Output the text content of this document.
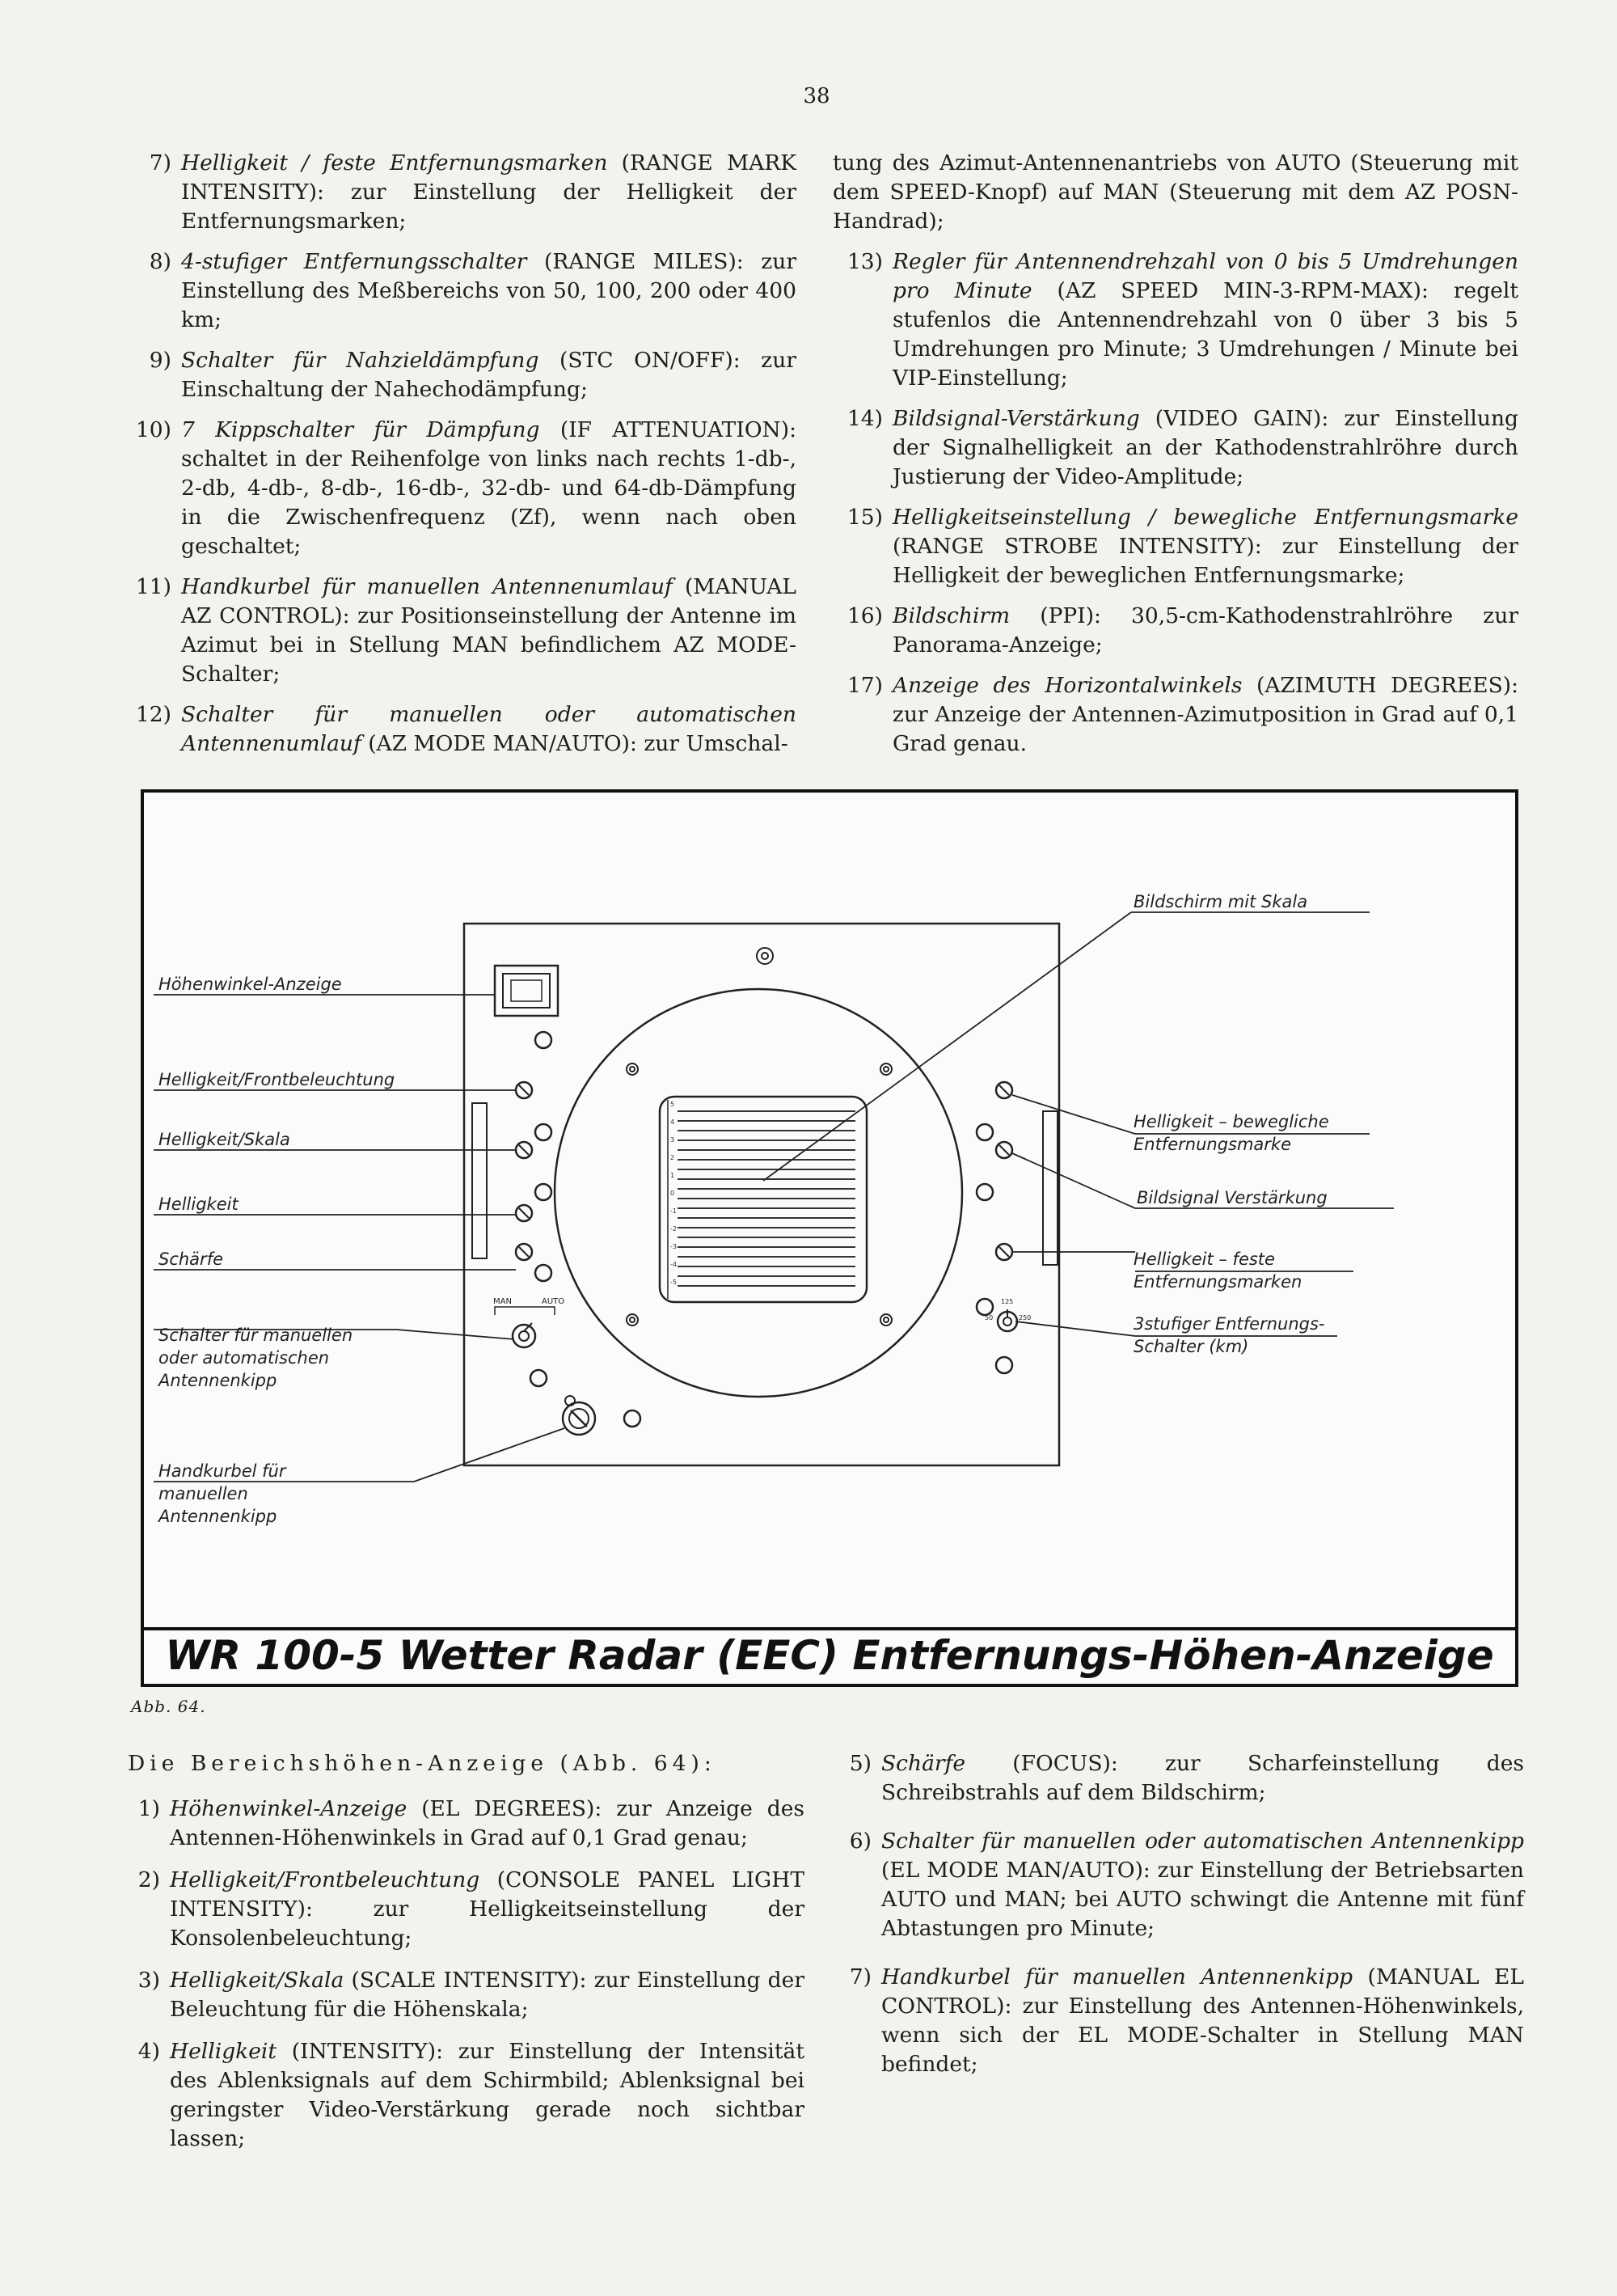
38
7) Helligkeit / feste Entfernungsmarken (RANGE MARK INTENSITY): zur Einstellung der Helligkeit der Entfernungsmarken;
8) 4-stufiger Entfernungsschalter (RANGE MILES): zur Einstellung des Meßbereichs von 50, 100, 200 oder 400 km;
9) Schalter für Nahzieldämpfung (STC ON/OFF): zur Einschaltung der Nahechodämpfung;
10) 7 Kippschalter für Dämpfung (IF ATTENUATION): schaltet in der Reihenfolge von links nach rechts 1-db-, 2-db, 4-db-, 8-db-, 16-db-, 32-db- und 64-db-Dämpfung in die Zwischenfrequenz (Zf), wenn nach oben geschaltet;
11) Handkurbel für manuellen Antennenumlauf (MANUAL AZ CONTROL): zur Positionseinstellung der Antenne im Azimut bei in Stellung MAN befindlichem AZ MODE-Schalter;
12) Schalter für manuellen oder automatischen Antennenumlauf (AZ MODE MAN/AUTO): zur Umschal-
tung des Azimut-Antennenantriebs von AUTO (Steuerung mit dem SPEED-Knopf) auf MAN (Steuerung mit dem AZ POSN-Handrad);
13) Regler für Antennendrehzahl von 0 bis 5 Umdrehungen pro Minute (AZ SPEED MIN-3-RPM-MAX): regelt stufenlos die Antennendrehzahl von 0 über 3 bis 5 Umdrehungen pro Minute; 3 Umdrehungen / Minute bei VIP-Einstellung;
14) Bildsignal-Verstärkung (VIDEO GAIN): zur Einstellung der Signalhelligkeit an der Kathodenstrahlröhre durch Justierung der Video-Amplitude;
15) Helligkeitseinstellung / bewegliche Entfernungsmarke (RANGE STROBE INTENSITY): zur Einstellung der Helligkeit der beweglichen Entfernungsmarke;
16) Bildschirm (PPI): 30,5-cm-Kathodenstrahlröhre zur Panorama-Anzeige;
17) Anzeige des Horizontalwinkels (AZIMUTH DEGREES): zur Anzeige der Antennen-Azimutposition in Grad auf 0,1 Grad genau.
WR 100-5 Wetter Radar (EEC) Entfernungs-Höhen-Anzeige
5
4
3
2
1
0
-1
-2
-3
-4
-5
MAN	AUTO	125
50	250
Höhenwinkel-Anzeige
Helligkeit/Frontbeleuchtung
Helligkeit/Skala
Helligkeit
Schärfe
Schalter für manuellen
oder automatischen
Antennenkipp
Handkurbel für
manuellen
Antennenkipp
Bildschirm mit Skala
Helligkeit – bewegliche
Entfernungsmarke
Bildsignal Verstärkung
Helligkeit – feste
Entfernungsmarken
3stufiger Entfernungs-
Schalter (km)
Abb. 64.
Die Bereichshöhen-Anzeige (Abb. 64):
1) Höhenwinkel-Anzeige (EL DEGREES): zur Anzeige des Antennen-Höhenwinkels in Grad auf 0,1 Grad genau;
2) Helligkeit/Frontbeleuchtung (CONSOLE PANEL LIGHT INTENSITY): zur Helligkeitseinstellung der Konsolenbeleuchtung;
3) Helligkeit/Skala (SCALE INTENSITY): zur Einstellung der Beleuchtung für die Höhenskala;
4) Helligkeit (INTENSITY): zur Einstellung der Intensität des Ablenksignals auf dem Schirmbild; Ablenksignal bei geringster Video-Verstärkung gerade noch sichtbar lassen;
5) Schärfe (FOCUS): zur Scharfeinstellung des Schreibstrahls auf dem Bildschirm;
6) Schalter für manuellen oder automatischen Antennenkipp (EL MODE MAN/AUTO): zur Einstellung der Betriebsarten AUTO und MAN; bei AUTO schwingt die Antenne mit fünf Abtastungen pro Minute;
7) Handkurbel für manuellen Antennenkipp (MANUAL EL CONTROL): zur Einstellung des Antennen-Höhenwinkels, wenn sich der EL MODE-Schalter in Stellung MAN befindet;
